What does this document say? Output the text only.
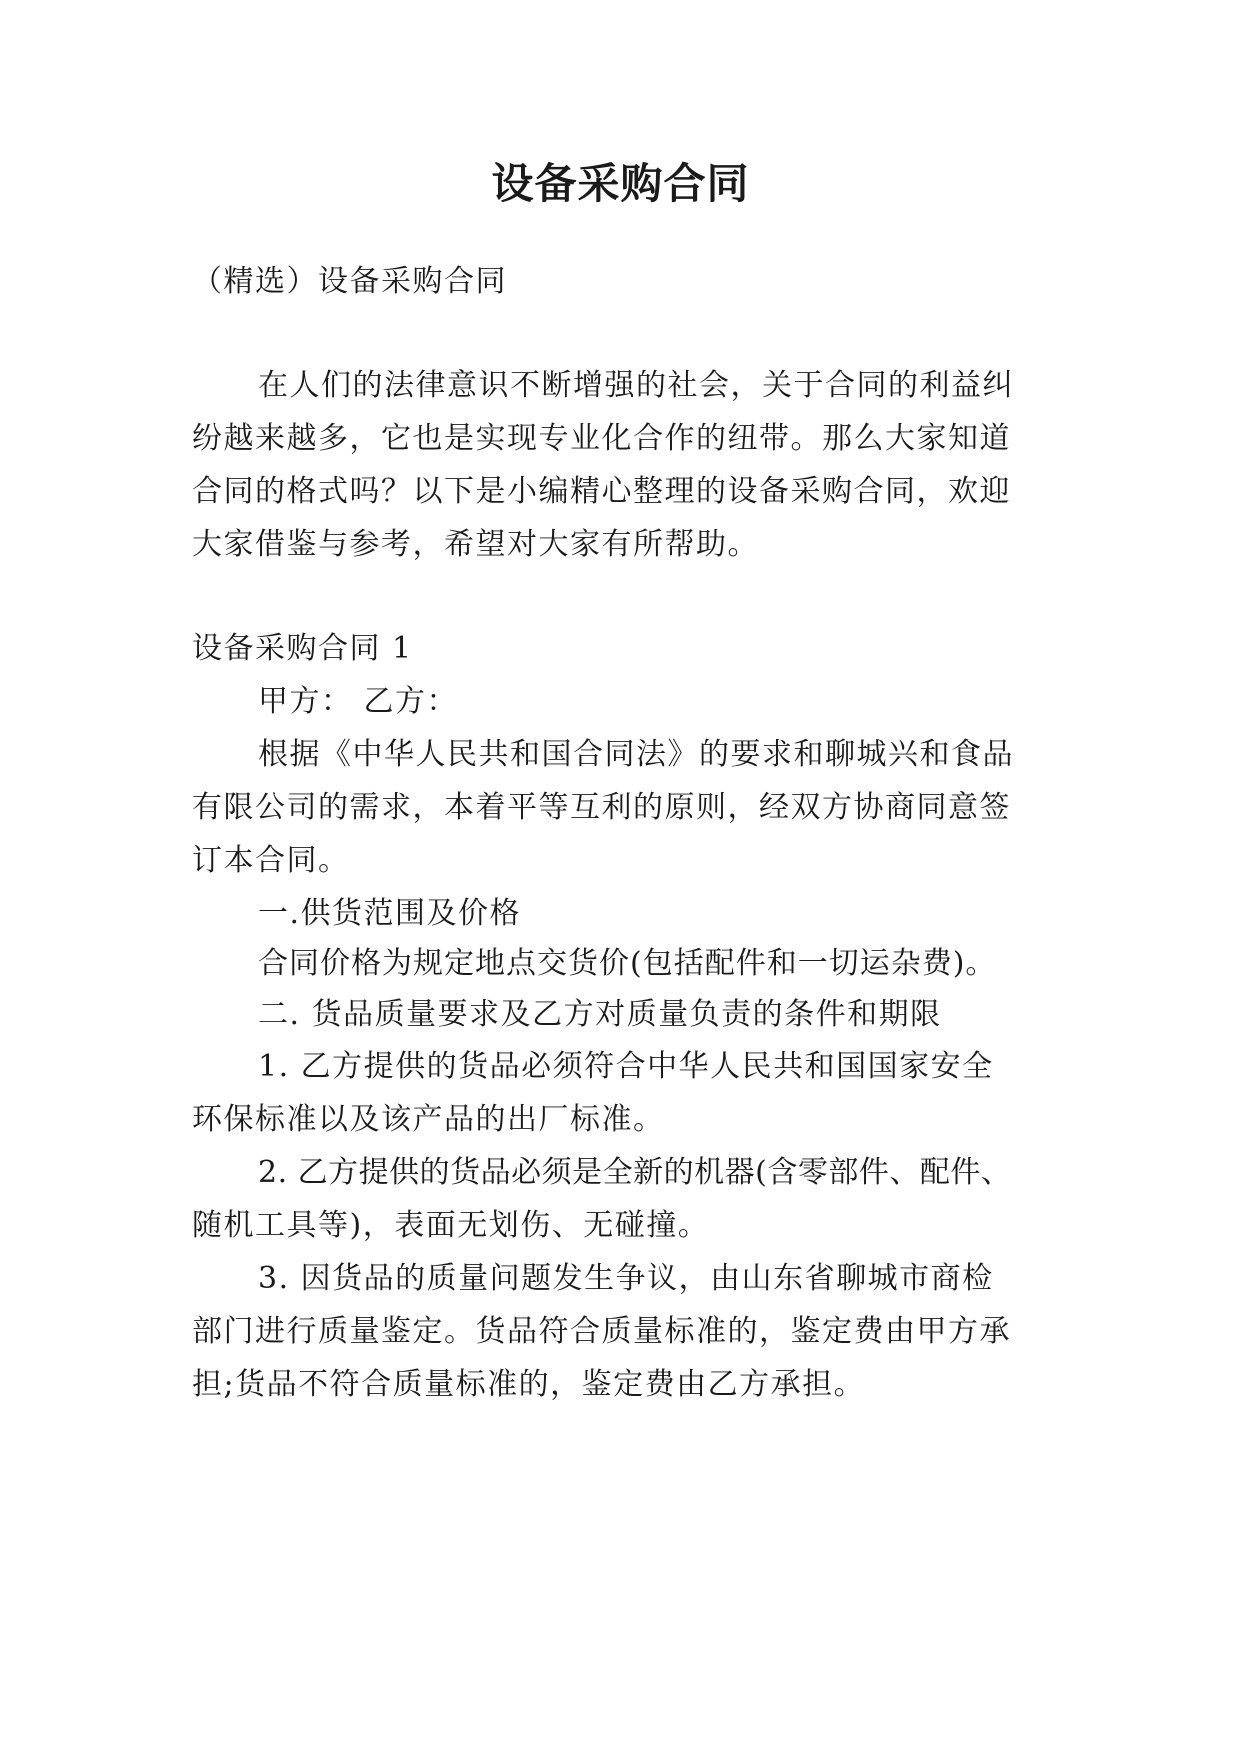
设备采购合同
（精选）设备采购合同
在人们的法律意识不断增强的社会，关于合同的利益纠
纷越来越多，它也是实现专业化合作的纽带。那么大家知道
合同的格式吗？以下是小编精心整理的设备采购合同，欢迎
大家借鉴与参考，希望对大家有所帮助。
设备采购合同 1
甲方： 乙方：
根据《中华人民共和国合同法》的要求和聊城兴和食品
有限公司的需求，本着平等互利的原则，经双方协商同意签
订本合同。
一.供货范围及价格
合同价格为规定地点交货价(包括配件和一切运杂费)。
二. 货品质量要求及乙方对质量负责的条件和期限
1. 乙方提供的货品必须符合中华人民共和国国家安全
环保标准以及该产品的出厂标准。
2. 乙方提供的货品必须是全新的机器(含零部件、配件、
随机工具等)，表面无划伤、无碰撞。
3. 因货品的质量问题发生争议，由山东省聊城市商检
部门进行质量鉴定。货品符合质量标准的，鉴定费由甲方承
担;货品不符合质量标准的，鉴定费由乙方承担。
